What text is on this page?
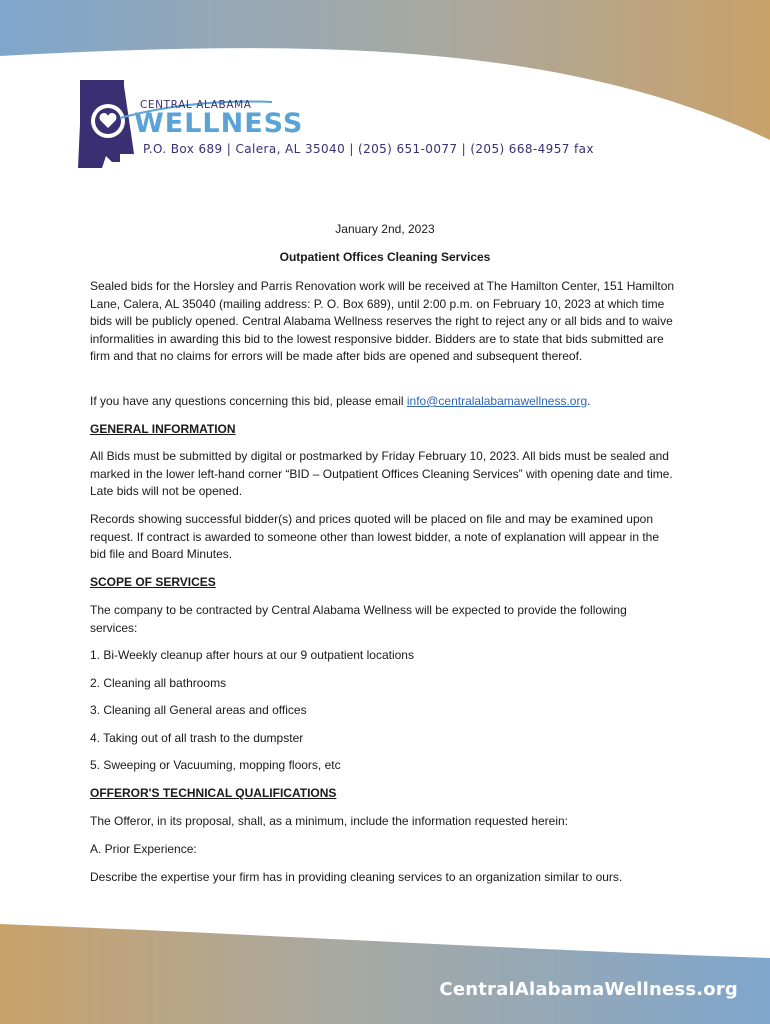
CENTRAL ALABAMA
WELLNESS
P.O. Box 689 | Calera, AL 35040 | (205) 651-0077 | (205) 668-4957 fax
January 2nd, 2023
Outpatient Offices Cleaning Services

Sealed bids for the Horsley and Parris Renovation work will be received at The Hamilton Center, 151 Hamilton Lane, Calera, AL 35040 (mailing address: P. O. Box 689), until 2:00 p.m. on February 10, 2023 at which time bids will be publicly opened. Central Alabama Wellness reserves the right to reject any or all bids and to waive informalities in awarding this bid to the lowest responsive bidder. Bidders are to state that bids submitted are firm and that no claims for errors will be made after bids are opened and subsequent thereof.

If you have any questions concerning this bid, please email info@centralalabamawellness.org.

GENERAL INFORMATION

All Bids must be submitted by digital or postmarked by Friday February 10, 2023. All bids must be sealed and marked in the lower left-hand corner “BID – Outpatient Offices Cleaning Services” with opening date and time. Late bids will not be opened.

Records showing successful bidder(s) and prices quoted will be placed on file and may be examined upon request. If contract is awarded to someone other than lowest bidder, a note of explanation will appear in the bid file and Board Minutes.

SCOPE OF SERVICES

The company to be contracted by Central Alabama Wellness will be expected to provide the following services:

1. Bi-Weekly cleanup after hours at our 9 outpatient locations

2. Cleaning all bathrooms

3. Cleaning all General areas and offices

4. Taking out of all trash to the dumpster

5. Sweeping or Vacuuming, mopping floors, etc

OFFEROR'S TECHNICAL QUALIFICATIONS

The Offeror, in its proposal, shall, as a minimum, include the information requested herein:

A. Prior Experience:

Describe the expertise your firm has in providing cleaning services to an organization similar to ours.

CentralAlabamaWellness.org
